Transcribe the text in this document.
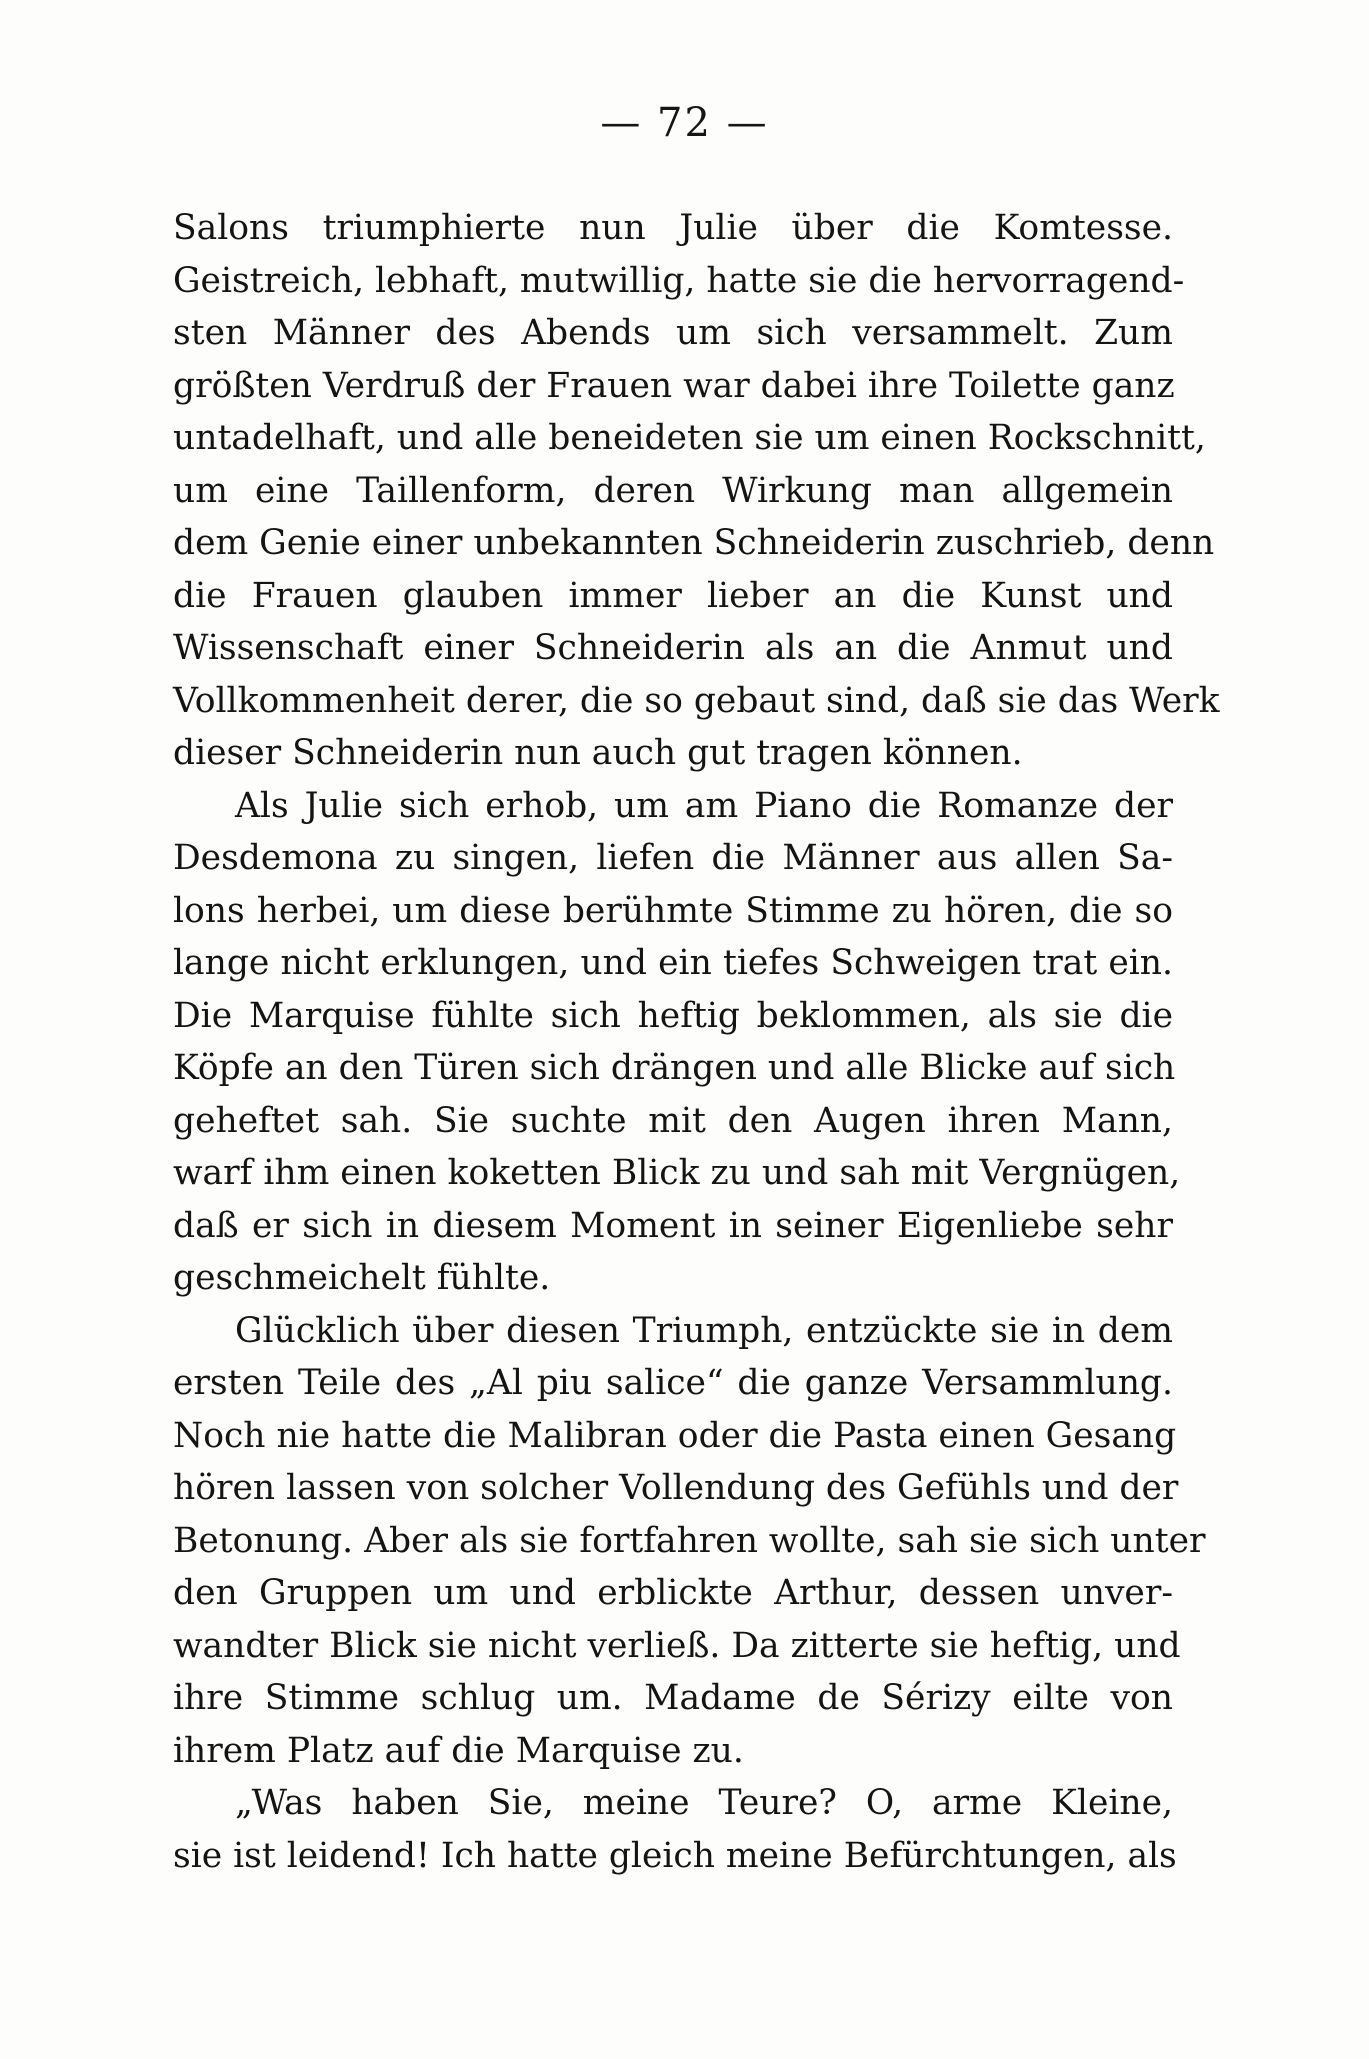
— 72 —
Salons triumphierte nun Julie über die Komtesse.
Geistreich, lebhaft, mutwillig, hatte sie die hervorragend-
sten Männer des Abends um sich versammelt. Zum
größten Verdruß der Frauen war dabei ihre Toilette ganz
untadelhaft, und alle beneideten sie um einen Rockschnitt,
um eine Taillenform, deren Wirkung man allgemein
dem Genie einer unbekannten Schneiderin zuschrieb, denn
die Frauen glauben immer lieber an die Kunst und
Wissenschaft einer Schneiderin als an die Anmut und
Vollkommenheit derer, die so gebaut sind, daß sie das Werk
dieser Schneiderin nun auch gut tragen können.
Als Julie sich erhob, um am Piano die Romanze der
Desdemona zu singen, liefen die Männer aus allen Sa-
lons herbei, um diese berühmte Stimme zu hören, die so
lange nicht erklungen, und ein tiefes Schweigen trat ein.
Die Marquise fühlte sich heftig beklommen, als sie die
Köpfe an den Türen sich drängen und alle Blicke auf sich
geheftet sah. Sie suchte mit den Augen ihren Mann,
warf ihm einen koketten Blick zu und sah mit Vergnügen,
daß er sich in diesem Moment in seiner Eigenliebe sehr
geschmeichelt fühlte.
Glücklich über diesen Triumph, entzückte sie in dem
ersten Teile des „Al piu salice“ die ganze Versammlung.
Noch nie hatte die Malibran oder die Pasta einen Gesang
hören lassen von solcher Vollendung des Gefühls und der
Betonung. Aber als sie fortfahren wollte, sah sie sich unter
den Gruppen um und erblickte Arthur, dessen unver-
wandter Blick sie nicht verließ. Da zitterte sie heftig, und
ihre Stimme schlug um. Madame de Sérizy eilte von
ihrem Platz auf die Marquise zu.
„Was haben Sie, meine Teure? O, arme Kleine,
sie ist leidend! Ich hatte gleich meine Befürchtungen, als
